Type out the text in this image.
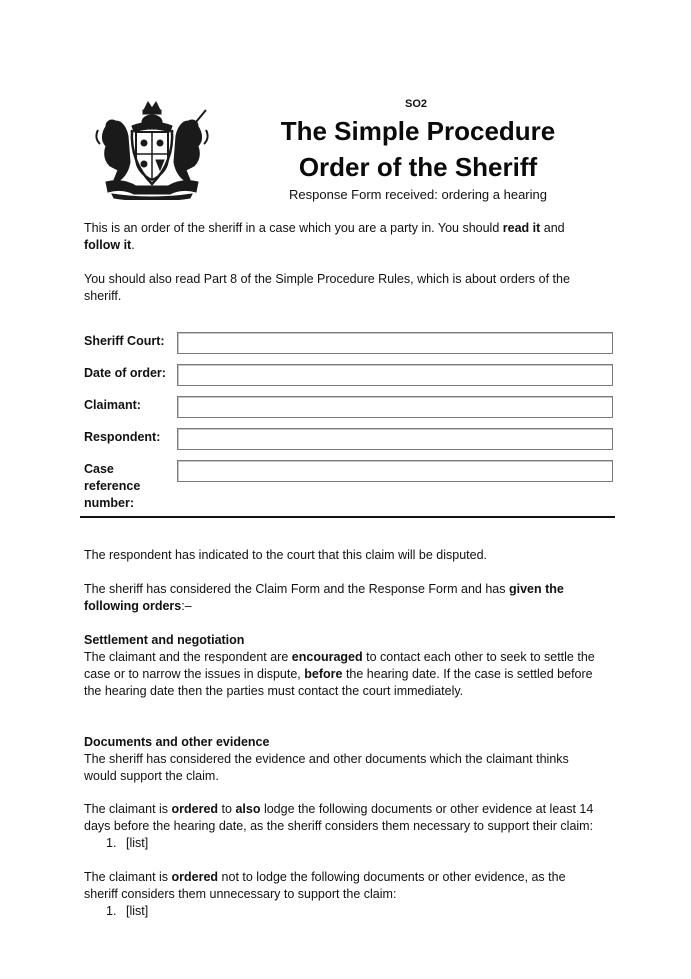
SO2
The Simple Procedure
Order of the Sheriff
Response Form received: ordering a hearing

This is an order of the sheriff in a case which you are a party in. You should read it and follow it.

You should also read Part 8 of the Simple Procedure Rules, which is about orders of the sheriff.

Sheriff Court:
Date of order:
Claimant:
Respondent:
Case
reference
number:

The respondent has indicated to the court that this claim will be disputed.

The sheriff has considered the Claim Form and the Response Form and has given the following orders:–

Settlement and negotiation

The claimant and the respondent are encouraged to contact each other to seek to settle the case or to narrow the issues in dispute, before the hearing date. If the case is settled before the hearing date then the parties must contact the court immediately.

Documents and other evidence

The sheriff has considered the evidence and other documents which the claimant thinks would support the claim.

The claimant is ordered to also lodge the following documents or other evidence at least 14 days before the hearing date, as the sheriff considers them necessary to support their claim:

1. [list]

The claimant is ordered not to lodge the following documents or other evidence, as the sheriff considers them unnecessary to support the claim:

1. [list]
